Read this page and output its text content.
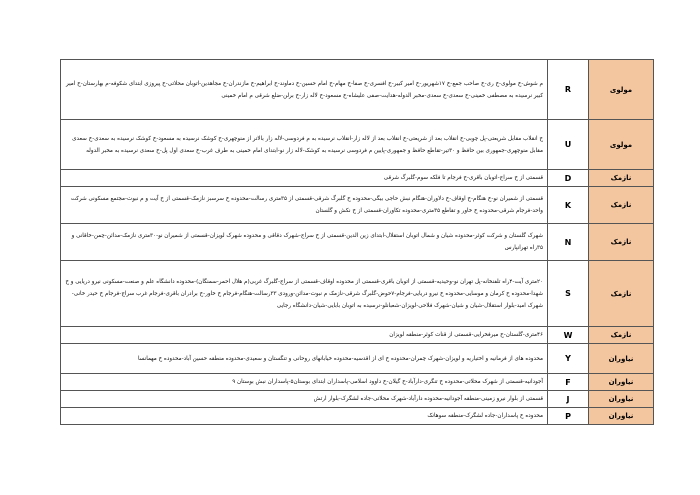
م شوش-خ مولوی-خ ری-خ صاحب جمع-خ ۱۷شهریور-خ امیر کبیر-خ افسری-خ صفا-خ مهام-خ امام حسین-خ دماوند-خ ابراهیم-خ مازندران-خ مجاهدین-اتوبان محلاتی-خ پیروزی ابتدای شکوفه-م بهارستان-خ امیر کبیر نرسیده به مصطفی خمینی-خ سعدی-خ سعدی-مخبر الدوله-هدایت-صفی علیشاه-خ مسعود-خ لاله زار-خ برلن-ضلع شرقی م امام خمینی	R	مولوی
خ انقلاب مقابل شریعتی-پل چوبی-خ انقلاب بعد از شریعتی-خ انقلاب بعد از لاله زار-انقلاب نرسیده به م فردوسی-لاله زار بالاتر از منوچهری-خ کوشک نرسیده به مسعود-خ کوشک نرسیده به سعدی-خ سعدی مقابل منوچهری-جمهوری بین حافظ و ۳۰تیر-تقاطع حافظ و جمهوری-پایین م فردوسی نرسیده به کوشک-لاله زار نو-ابتدای امام خمینی به طرف غرب-خ سعدی اول پل-خ سعدی نرسیده به مخبر الدوله	U	مولوی
قسمتی از خ سراج-اتوبان باقری-خ فرجام تا فلکه سوم-گلبرگ شرقی	D	نازمک
قسمتی از شمیران نو-خ هنگام-خ اوقاف-خ دلاوران-هنگام نبش حاجی بیگی-محدوده خ گلبرگ شرقی-قسمتی از ۳۵متری رسالت-محدوده خ سرسبز نازمک-قسمتی از خ آیت و م نبوت-مجتمع مسکونی شرکت واحد-فرجام شرقی-محدوده خ خاور و تقاطع ۳۵متری-محدوده تکاوران-قسمتی از خ نکش و گلستان	K	نازمک
شهرک گلستان و شرکت کوثر-محدوده شیان و شمال اتوبان استقلال-ابتدای زین الدین-قسمتی از خ سراج-شهرک دقاقی و محدوده شهرک لویزان-قسمتی از شمیران نو-۳۰متری نازمک-مدائن-چمن-خاقانی و ۳۵راه تهرانپارس	N	نازمک
۲۰متری آیت-۴راه تلفنخانه-پل تهران نو-وحیدیه-قسمتی از اتوبان باقری-قسمتی از محدوده اوقاف-قسمتی از سراج-گلبرگ غربی(م هلال احمر-سمنگان)-محدوده دانشگاه علم و صنعت-مسکونی نیرو دریایی و خ شهدا-محدوده خ کرمان و موسایی-محدوده خ نیرو دریایی-فرجام-۷حوض-گلبرگ شرقی-نازمک م نبوت-مدائن-ورودی ۳۳رسالت-هنگام-فرجام خ خاور-خ برادران باقری-فرجام غرب سراج-فرجام خ حیدر خانی-شهرک امید-بلوار استقلال-شیان و شیان-شهرک فلاحی-لویزان-شعبانلو-نرسیده به اتوبان بابایی-شیان-دانشگاه رجایی	S	نازمک
۴۶متری-گلستان-خ میرفخرایی-قسمتی از قنات کوثر-منطقه لویزان	W	نازمک
محدوده های از فرمانیه و اختیاریه و لویزان-شهرک چمران-محدوده خ ای از اقدسیه-محدوده خیابانهای روحانی و تنگستان و سعیدی-محدوده منطقه حسین آباد-محدوده خ مهمانسا	Y	نیاوران
آجودانیه-قسمتی از شهرک محلاتی-محدوده خ تنگری-دارآباد-خ گیلان-خ داوود اسلامی-پاسداران ابتدای بوستان۵-پاسداران نبش بوستان ۹	F	نیاوران
قسمتی از بلوار نیرو زمینی-منطقه آجودانیه-محدوده دارآباد-شهرک محلاتی-جاده لشگرک-بلوار ارتش	J	نیاوران
محدوده خ پاسداران-جاده لشگرک-منطقه سوهانک	P	نیاوران
